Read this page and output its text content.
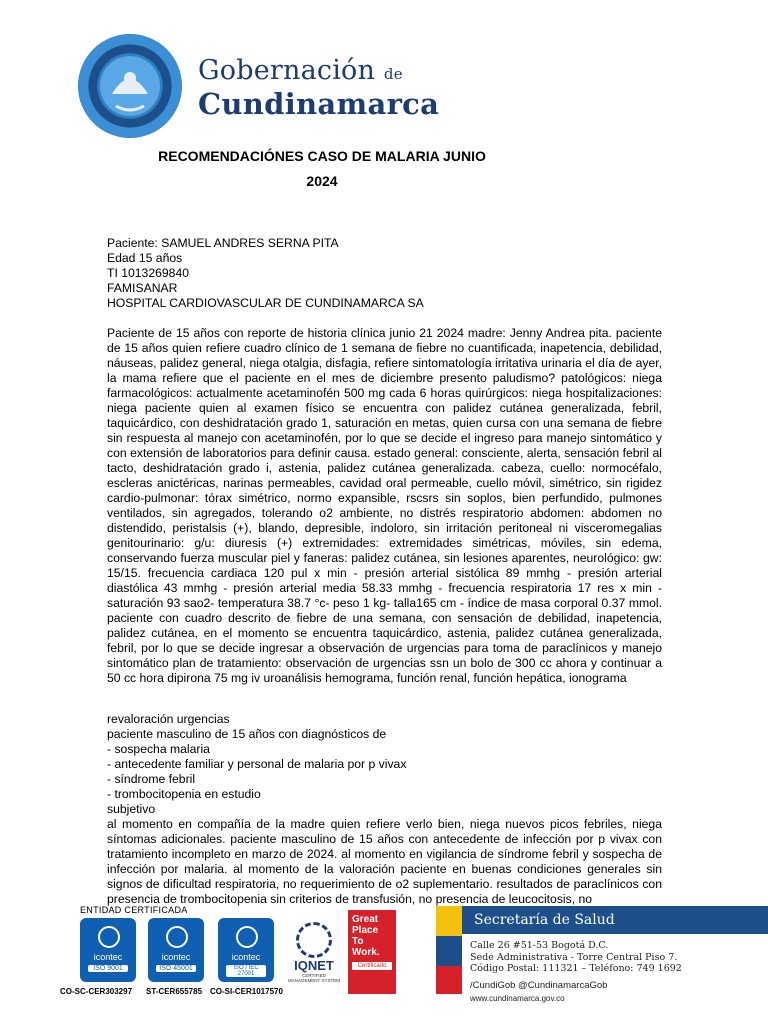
Gobernación de
Cundinamarca
RECOMENDACIÓNES CASO DE MALARIA JUNIO
2024
Paciente: SAMUEL ANDRES SERNA PITA
Edad 15 años
TI 1013269840
FAMISANAR
HOSPITAL CARDIOVASCULAR DE CUNDINAMARCA SA
Paciente de 15 años con reporte de historia clínica junio 21 2024 madre: Jenny Andrea pita. paciente de 15 años quien refiere cuadro clínico de 1 semana de fiebre no cuantificada, inapetencia, debilidad, náuseas, palidez general, niega otalgia, disfagia, refiere sintomatología irritativa urinaria el día de ayer, la mama refiere que el paciente en el mes de diciembre presento paludismo? patológicos: niega farmacológicos: actualmente acetaminofén 500 mg cada 6 horas quirúrgicos: niega hospitalizaciones: niega paciente quien al examen físico se encuentra con palidez cutánea generalizada, febril, taquicárdico, con deshidratación grado 1, saturación en metas, quien cursa con una semana de fiebre sin respuesta al manejo con acetaminofén, por lo que se decide el ingreso para manejo sintomático y con extensión de laboratorios para definir causa. estado general: consciente, alerta, sensación febril al tacto, deshidratación grado i, astenia, palidez cutánea generalizada. cabeza, cuello: normocéfalo, escleras anictéricas, narinas permeables, cavidad oral permeable, cuello móvil, simétrico, sin rigidez cardio-pulmonar: tórax simétrico, normo expansible, rscsrs sin soplos, bien perfundido, pulmones ventilados, sin agregados, tolerando o2 ambiente, no distrés respiratorio abdomen: abdomen no distendido, peristalsis (+), blando, depresible, indoloro, sin irritación peritoneal ni visceromegalias genitourinario: g/u: diuresis (+) extremidades: extremidades simétricas, móviles, sin edema, conservando fuerza muscular piel y faneras: palidez cutánea, sin lesiones aparentes, neurológico: gw: 15/15. frecuencia cardiaca 120 pul x min - presión arterial sistólica 89 mmhg - presión arterial diastólica 43 mmhg - presión arterial media 58.33 mmhg - frecuencia respiratoria 17 res x min - saturación 93 sao2- temperatura 38.7 °c- peso 1 kg- talla165 cm - índice de masa corporal 0.37 mmol. paciente con cuadro descrito de fiebre de una semana, con sensación de debilidad, inapetencia, palidez cutánea, en el momento se encuentra taquicárdico, astenia, palidez cutánea generalizada, febril, por lo que se decide ingresar a observación de urgencias para toma de paraclínicos y manejo sintomático plan de tratamiento: observación de urgencias ssn un bolo de 300 cc ahora y continuar a 50 cc hora dipirona 75 mg iv uroanálisis hemograma, función renal, función hepática, ionograma
revaloración urgencias
paciente masculino de 15 años con diagnósticos de
- sospecha malaria
- antecedente familiar y personal de malaria por p vivax
- síndrome febril
- trombocitopenia en estudio
subjetivo
al momento en compañía de la madre quien refiere verlo bien, niega nuevos picos febriles, niega síntomas adicionales. paciente masculino de 15 años con antecedente de infección por p vivax con tratamiento incompleto en marzo de 2024. al momento en vigilancia de síndrome febril y sospecha de infección por malaria. al momento de la valoración paciente en buenas condiciones generales sin signos de dificultad respiratoria, no requerimiento de o2 suplementario. resultados de paraclínicos con presencia de trombocitopenia sin criterios de transfusión, no presencia de leucocitosis, no
ENTIDAD CERTIFICADA
icontec
ISO 9001
icontec
ISO 45001
icontec
ISO / IEC 27001
CO-SC-CER303297 ST-CER655785 CO-SI-CER1017570
IQNET
CERTIFIED MANAGEMENT SYSTEM
Great Place To Work.
Certificado
Secretaría de Salud
Calle 26 #51-53 Bogotá D.C.
Sede Administrativa - Torre Central Piso 7.
Código Postal: 111321 – Teléfono: 749 1692
/CundiGob @CundinamarcaGob
www.cundinamarca.gov.co
